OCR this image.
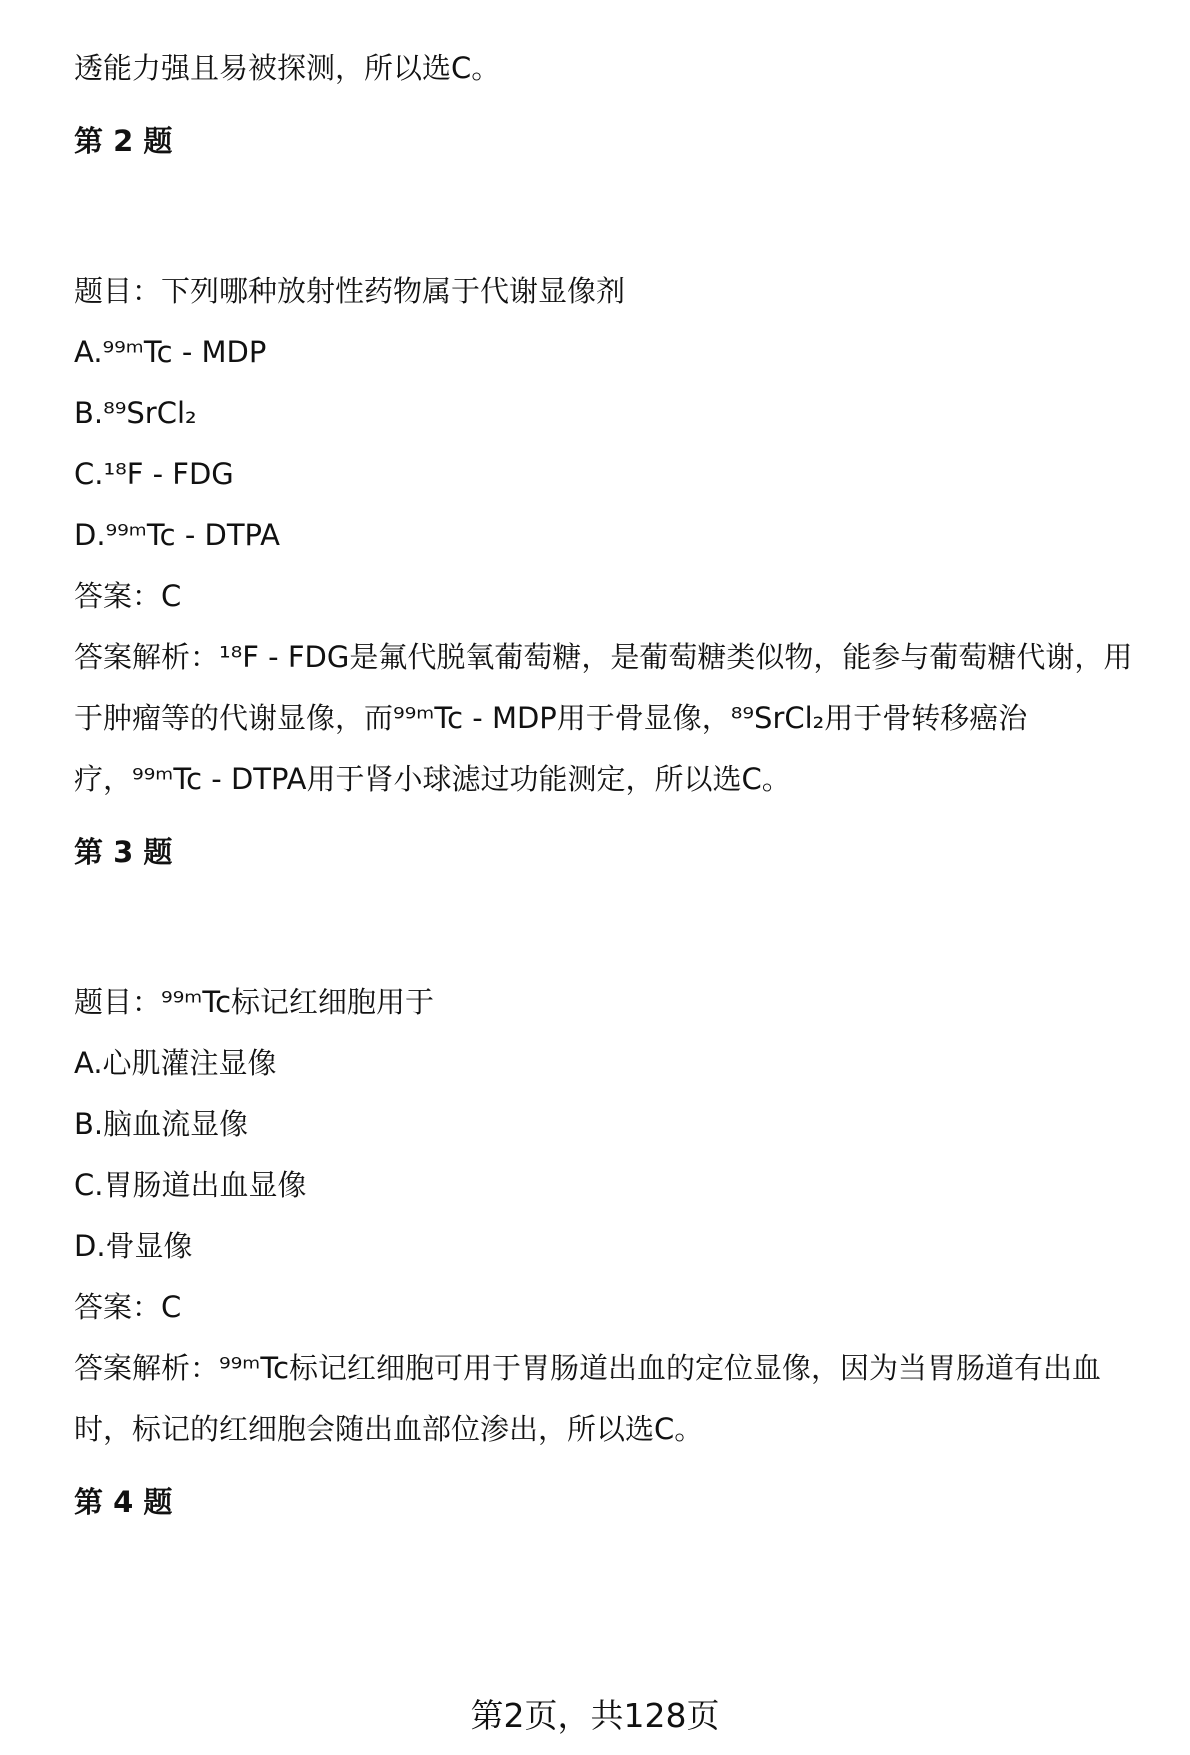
透能力强且易被探测，所以选C。
第 2 题
题目：下列哪种放射性药物属于代谢显像剂
A.⁹⁹ᵐTc - MDP
B.⁸⁹SrCl₂
C.¹⁸F - FDG
D.⁹⁹ᵐTc - DTPA
答案：C
答案解析：¹⁸F - FDG是氟代脱氧葡萄糖，是葡萄糖类似物，能参与葡萄糖代谢，用
于肿瘤等的代谢显像，而⁹⁹ᵐTc - MDP用于骨显像，⁸⁹SrCl₂用于骨转移癌治
疗，⁹⁹ᵐTc - DTPA用于肾小球滤过功能测定，所以选C。
第 3 题
题目：⁹⁹ᵐTc标记红细胞用于
A.心肌灌注显像
B.脑血流显像
C.胃肠道出血显像
D.骨显像
答案：C
答案解析：⁹⁹ᵐTc标记红细胞可用于胃肠道出血的定位显像，因为当胃肠道有出血
时，标记的红细胞会随出血部位渗出，所以选C。
第 4 题
第2页，共128页
